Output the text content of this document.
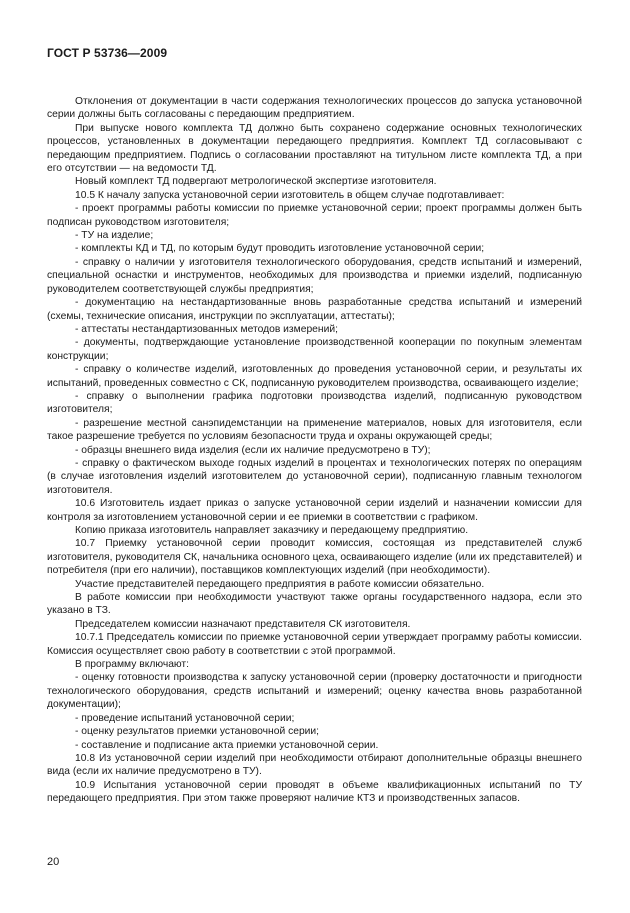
ГОСТ Р 53736—2009

Отклонения от документации в части содержания технологических процессов до запуска установочной серии должны быть согласованы с передающим предприятием.

При выпуске нового комплекта ТД должно быть сохранено содержание основных технологических процессов, установленных в документации передающего предприятия. Комплект ТД согласовывают с передающим предприятием. Подпись о согласовании проставляют на титульном листе комплекта ТД, а при его отсутствии — на ведомости ТД.

Новый комплект ТД подвергают метрологической экспертизе изготовителя.

10.5 К началу запуска установочной серии изготовитель в общем случае подготавливает:

- проект программы работы комиссии по приемке установочной серии; проект программы должен быть подписан руководством изготовителя;

- ТУ на изделие;

- комплекты КД и ТД, по которым будут проводить изготовление установочной серии;

- справку о наличии у изготовителя технологического оборудования, средств испытаний и измерений, специальной оснастки и инструментов, необходимых для производства и приемки изделий, подписанную руководителем соответствующей службы предприятия;

- документацию на нестандартизованные вновь разработанные средства испытаний и измерений (схемы, технические описания, инструкции по эксплуатации, аттестаты);

- аттестаты нестандартизованных методов измерений;

- документы, подтверждающие установление производственной кооперации по покупным элементам конструкции;

- справку о количестве изделий, изготовленных до проведения установочной серии, и результаты их испытаний, проведенных совместно с СК, подписанную руководителем производства, осваивающего изделие;

- справку о выполнении графика подготовки производства изделий, подписанную руководством изготовителя;

- разрешение местной санэпидемстанции на применение материалов, новых для изготовителя, если такое разрешение требуется по условиям безопасности труда и охраны окружающей среды;

- образцы внешнего вида изделия (если их наличие предусмотрено в ТУ);

- справку о фактическом выходе годных изделий в процентах и технологических потерях по операциям (в случае изготовления изделий изготовителем до установочной серии), подписанную главным технологом изготовителя.

10.6 Изготовитель издает приказ о запуске установочной серии изделий и назначении комиссии для контроля за изготовлением установочной серии и ее приемки в соответствии с графиком.

Копию приказа изготовитель направляет заказчику и передающему предприятию.

10.7 Приемку установочной серии проводит комиссия, состоящая из представителей служб изготовителя, руководителя СК, начальника основного цеха, осваивающего изделие (или их представителей) и потребителя (при его наличии), поставщиков комплектующих изделий (при необходимости).

Участие представителей передающего предприятия в работе комиссии обязательно.

В работе комиссии при необходимости участвуют также органы государственного надзора, если это указано в ТЗ.

Председателем комиссии назначают представителя СК изготовителя.

10.7.1 Председатель комиссии по приемке установочной серии утверждает программу работы комиссии. Комиссия осуществляет свою работу в соответствии с этой программой.

В программу включают:

- оценку готовности производства к запуску установочной серии (проверку достаточности и пригодности технологического оборудования, средств испытаний и измерений; оценку качества вновь разработанной документации);

- проведение испытаний установочной серии;

- оценку результатов приемки установочной серии;

- составление и подписание акта приемки установочной серии.

10.8 Из установочной серии изделий при необходимости отбирают дополнительные образцы внешнего вида (если их наличие предусмотрено в ТУ).

10.9 Испытания установочной серии проводят в объеме квалификационных испытаний по ТУ передающего предприятия. При этом также проверяют наличие КТЗ и производственных запасов.

20
